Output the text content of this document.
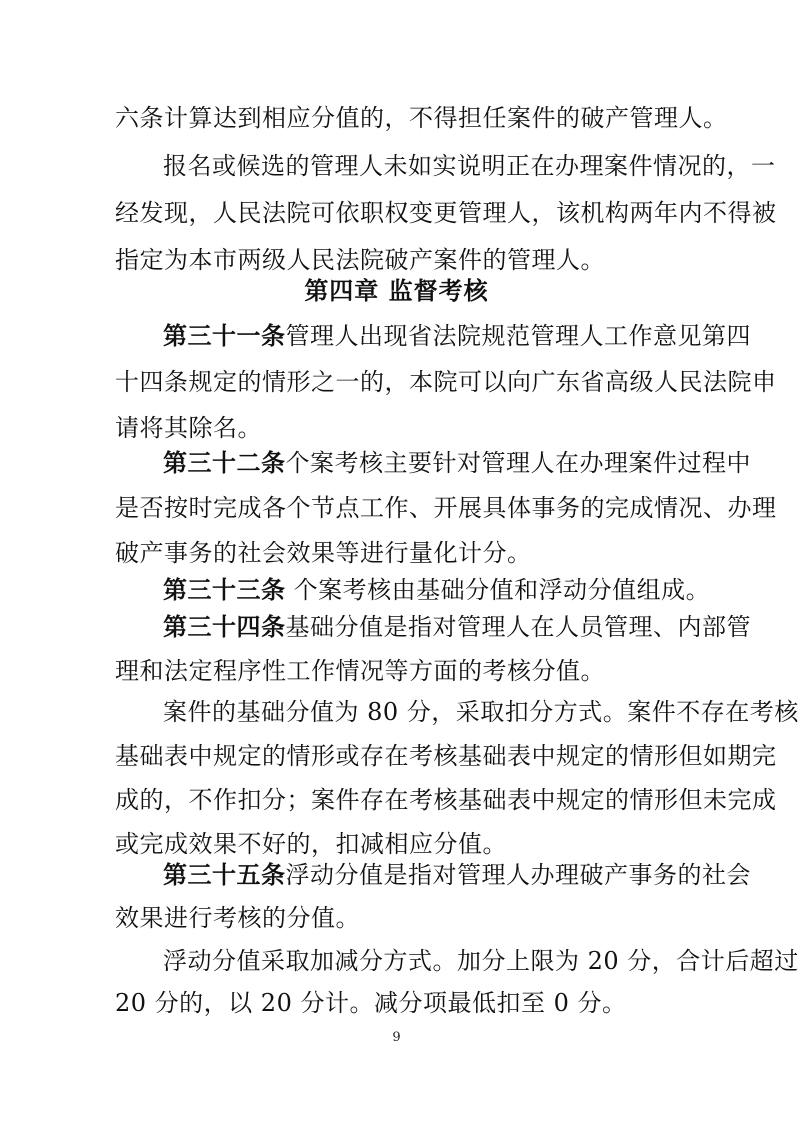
六条计算达到相应分值的，不得担任案件的破产管理人。
报名或候选的管理人未如实说明正在办理案件情况的，一
经发现，人民法院可依职权变更管理人，该机构两年内不得被
指定为本市两级人民法院破产案件的管理人。
第四章 监督考核
第三十一条管理人出现省法院规范管理人工作意见第四
十四条规定的情形之一的，本院可以向广东省高级人民法院申
请将其除名。
第三十二条个案考核主要针对管理人在办理案件过程中
是否按时完成各个节点工作、开展具体事务的完成情况、办理
破产事务的社会效果等进行量化计分。
第三十三条 个案考核由基础分值和浮动分值组成。
第三十四条基础分值是指对管理人在人员管理、内部管
理和法定程序性工作情况等方面的考核分值。
案件的基础分值为 80 分，采取扣分方式。案件不存在考核
基础表中规定的情形或存在考核基础表中规定的情形但如期完
成的，不作扣分；案件存在考核基础表中规定的情形但未完成
或完成效果不好的，扣减相应分值。
第三十五条浮动分值是指对管理人办理破产事务的社会
效果进行考核的分值。
浮动分值采取加减分方式。加分上限为 20 分，合计后超过
20 分的，以 20 分计。减分项最低扣至 0 分。
9
